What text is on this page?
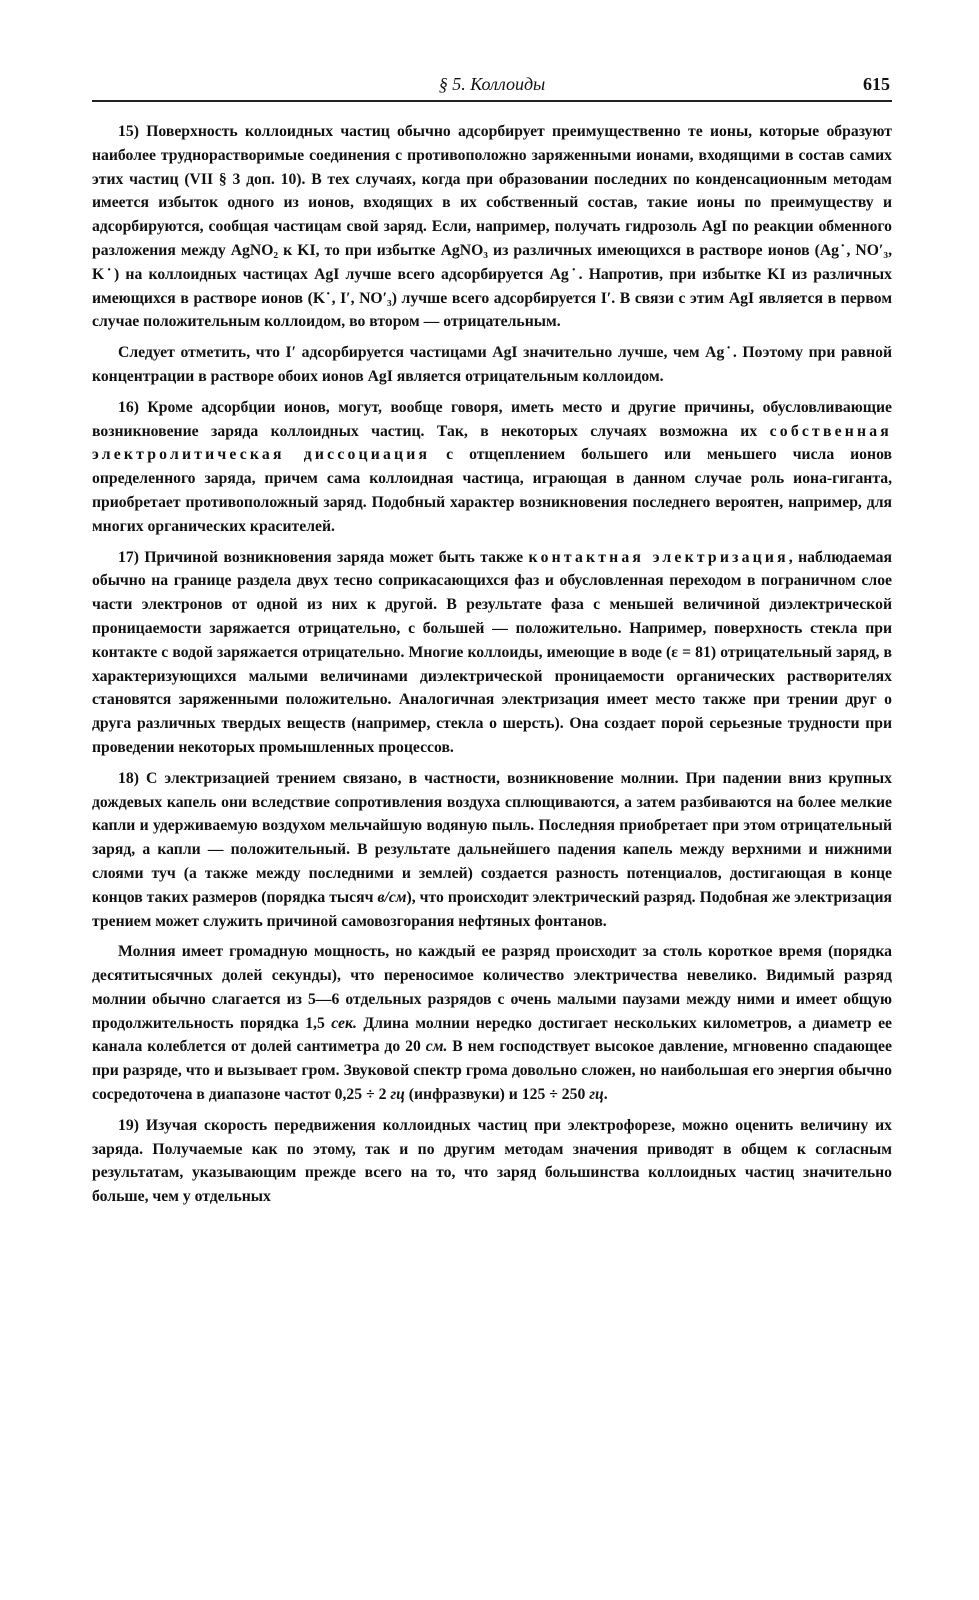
§ 5. Коллоиды	615

15) Поверхность коллоидных частиц обычно адсорбирует преимущественно те ионы, которые образуют наиболее труднорастворимые соединения с противоположно заряженными ионами, входящими в состав самих этих частиц (VII § 3 доп. 10). В тех случаях, когда при образовании последних по конденсационным методам имеется избыток одного из ионов, входящих в их собственный состав, такие ионы по преимуществу и адсорбируются, сообщая частицам свой заряд. Если, например, получать гидрозоль AgI по реакции обменного разложения между AgNO₂ к KI, то при избытке AgNO₃ из различных имеющихся в растворе ионов (Ag˙, NO′₃, K˙) на коллоидных частицах AgI лучше всего адсорбируется Ag˙. Напротив, при избытке KI из различных имеющихся в растворе ионов (K˙, I′, NO′₃) лучше всего адсорбируется I′. В связи с этим AgI является в первом случае положительным коллоидом, во втором — отрицательным.

Следует отметить, что I′ адсорбируется частицами AgI значительно лучше, чем Ag˙. Поэтому при равной концентрации в растворе обоих ионов AgI является отрицательным коллоидом.

16) Кроме адсорбции ионов, могут, вообще говоря, иметь место и другие причины, обусловливающие возникновение заряда коллоидных частиц. Так, в некоторых случаях возможна их собственная электролитическая диссоциация с отщеплением большего или меньшего числа ионов определенного заряда, причем сама коллоидная частица, играющая в данном случае роль иона-гиганта, приобретает противоположный заряд. Подобный характер возникновения последнего вероятен, например, для многих органических красителей.

17) Причиной возникновения заряда может быть также контактная электризация, наблюдаемая обычно на границе раздела двух тесно соприкасающихся фаз и обусловленная переходом в пограничном слое части электронов от одной из них к другой. В результате фаза с меньшей величиной диэлектрической проницаемости заряжается отрицательно, с большей — положительно. Например, поверхность стекла при контакте с водой заряжается отрицательно. Многие коллоиды, имеющие в воде (ε = 81) отрицательный заряд, в характеризующихся малыми величинами диэлектрической проницаемости органических растворителях становятся заряженными положительно. Аналогичная электризация имеет место также при трении друг о друга различных твердых веществ (например, стекла о шерсть). Она создает порой серьезные трудности при проведении некоторых промышленных процессов.

18) С электризацией трением связано, в частности, возникновение молнии. При падении вниз крупных дождевых капель они вследствие сопротивления воздуха сплющиваются, а затем разбиваются на более мелкие капли и удерживаемую воздухом мельчайшую водяную пыль. Последняя приобретает при этом отрицательный заряд, а капли — положительный. В результате дальнейшего падения капель между верхними и нижними слоями туч (а также между последними и землей) создается разность потенциалов, достигающая в конце концов таких размеров (порядка тысяч в/см), что происходит электрический разряд. Подобная же электризация трением может служить причиной самовозгорания нефтяных фонтанов.

Молния имеет громадную мощность, но каждый ее разряд происходит за столь короткое время (порядка десятитысячных долей секунды), что переносимое количество электричества невелико. Видимый разряд молнии обычно слагается из 5—6 отдельных разрядов с очень малыми паузами между ними и имеет общую продолжительность порядка 1,5 сек. Длина молнии нередко достигает нескольких километров, а диаметр ее канала колеблется от долей сантиметра до 20 см. В нем господствует высокое давление, мгновенно спадающее при разряде, что и вызывает гром. Звуковой спектр грома довольно сложен, но наибольшая его энергия обычно сосредоточена в диапазоне частот 0,25 ÷ 2 гц (инфразвуки) и 125 ÷ 250 гц.

19) Изучая скорость передвижения коллоидных частиц при электрофорезе, можно оценить величину их заряда. Получаемые как по этому, так и по другим методам значения приводят в общем к согласным результатам, указывающим прежде всего на то, что заряд большинства коллоидных частиц значительно больше, чем у отдельных
